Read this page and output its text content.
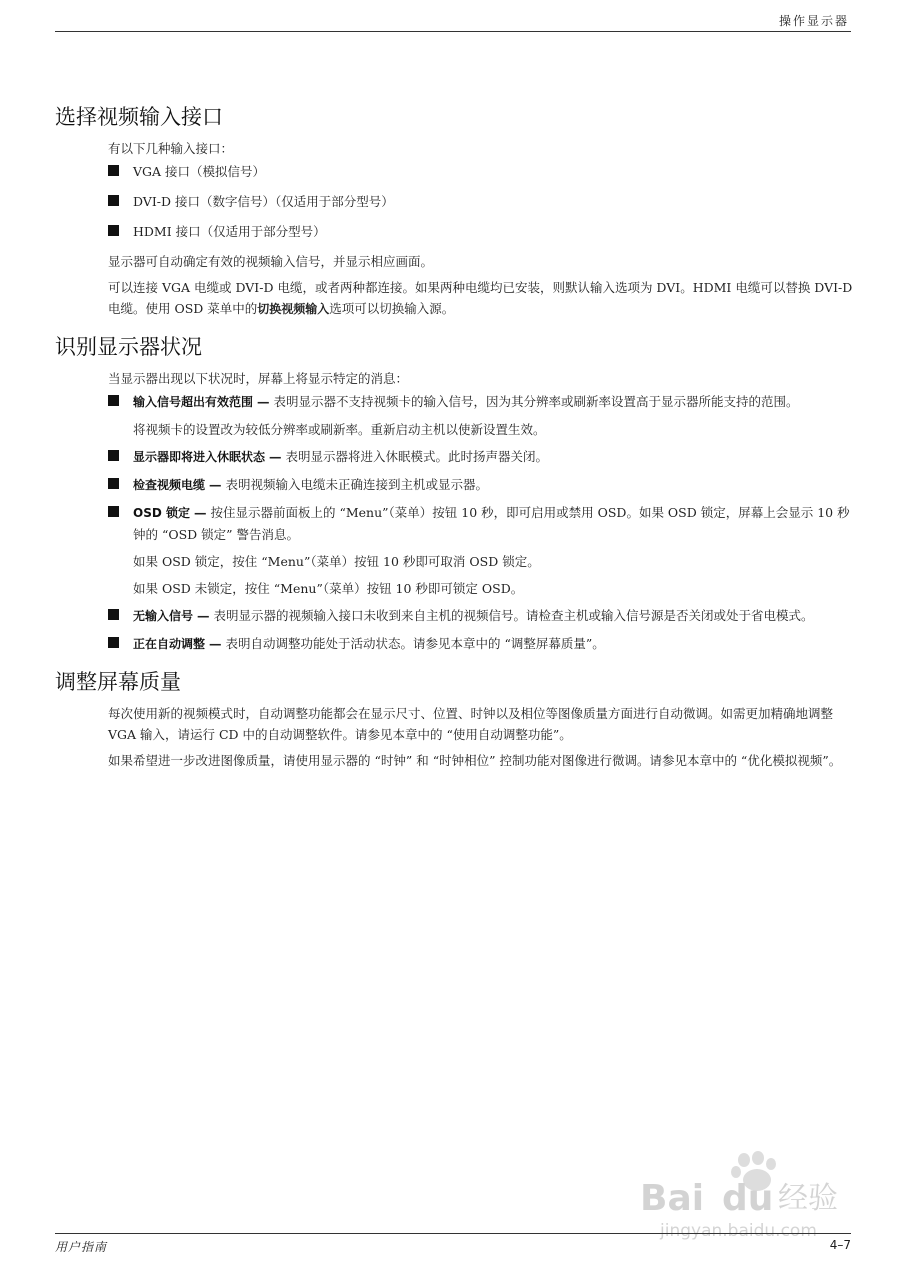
操作显示器
选择视频输入接口

有以下几种输入接口：

VGA 接口（模拟信号）
DVI-D 接口（数字信号）（仅适用于部分型号）
HDMI 接口（仅适用于部分型号）

显示器可自动确定有效的视频输入信号，并显示相应画面。

可以连接 VGA 电缆或 DVI-D 电缆，或者两种都连接。如果两种电缆均已安装，则默认输入选项为 DVI。HDMI 电缆可以替换 DVI-D 电缆。使用 OSD 菜单中的切换视频输入选项可以切换输入源。

识别显示器状况

当显示器出现以下状况时，屏幕上将显示特定的消息：

输入信号超出有效范围 — 表明显示器不支持视频卡的输入信号，因为其分辨率或刷新率设置高于显示器所能支持的范围。
将视频卡的设置改为较低分辨率或刷新率。重新启动主机以使新设置生效。
显示器即将进入休眠状态 — 表明显示器将进入休眠模式。此时扬声器关闭。
检查视频电缆 — 表明视频输入电缆未正确连接到主机或显示器。
OSD 锁定 — 按住显示器前面板上的 “Menu”（菜单）按钮 10 秒，即可启用或禁用 OSD。如果 OSD 锁定，屏幕上会显示 10 秒钟的 “OSD 锁定” 警告消息。
如果 OSD 锁定，按住 “Menu”（菜单）按钮 10 秒即可取消 OSD 锁定。
如果 OSD 未锁定，按住 “Menu”（菜单）按钮 10 秒即可锁定 OSD。
无输入信号 — 表明显示器的视频输入接口未收到来自主机的视频信号。请检查主机或输入信号源是否关闭或处于省电模式。
正在自动调整 — 表明自动调整功能处于活动状态。请参见本章中的 “调整屏幕质量”。
调整屏幕质量

每次使用新的视频模式时，自动调整功能都会在显示尺寸、位置、时钟以及相位等图像质量方面进行自动微调。如需更加精确地调整 VGA 输入，请运行 CD 中的自动调整软件。请参见本章中的 “使用自动调整功能”。

如果希望进一步改进图像质量，请使用显示器的 “时钟” 和 “时钟相位” 控制功能对图像进行微调。请参见本章中的 “优化模拟视频”。

Bai du 经验
jingyan.baidu.com
用户指南	4–7
